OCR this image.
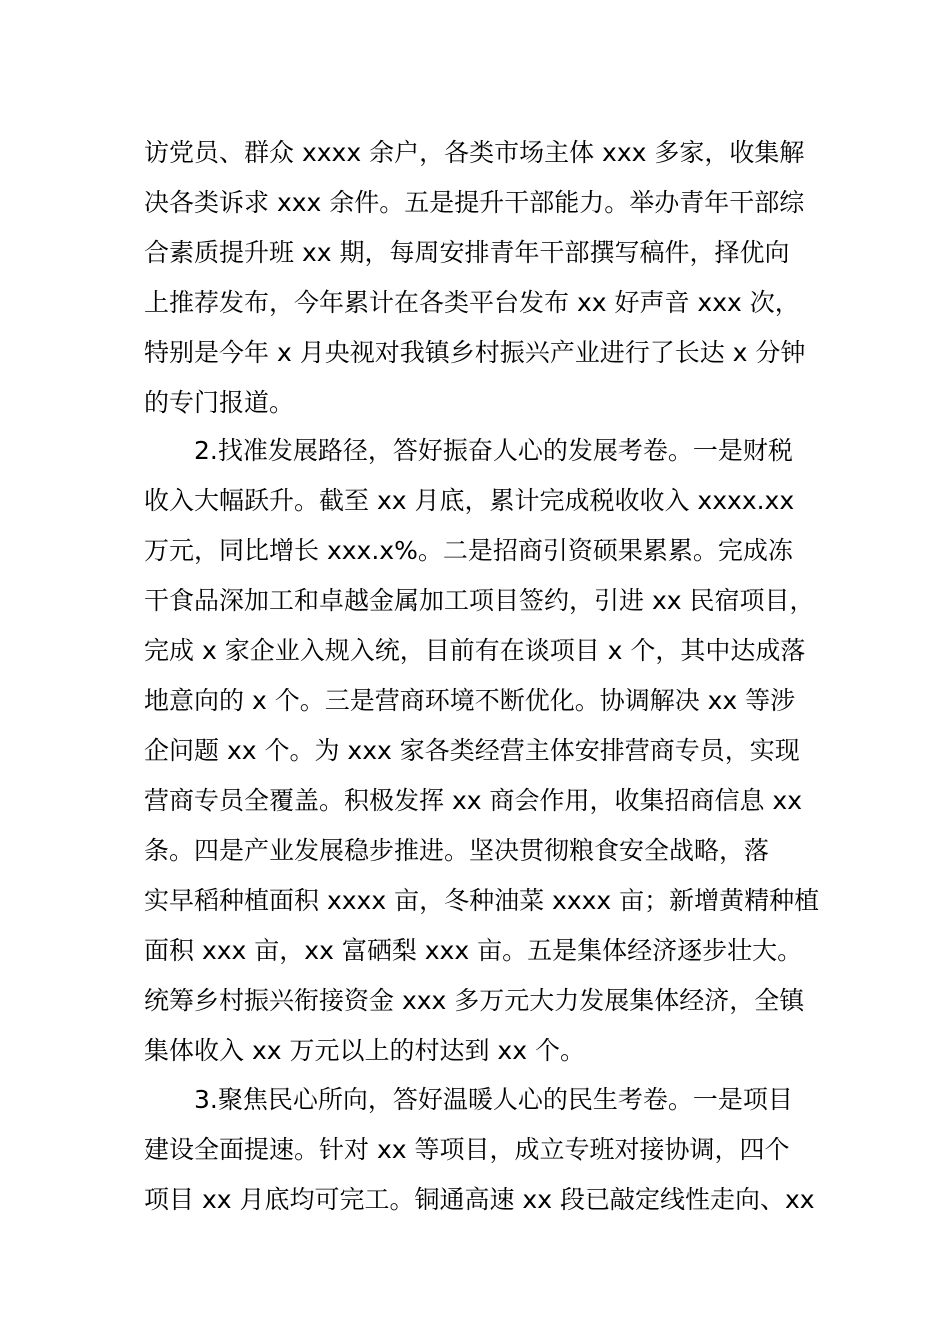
访党员、群众 xxxx 余户，各类市场主体 xxx 多家，收集解
决各类诉求 xxx 余件。五是提升干部能力。举办青年干部综
合素质提升班 xx 期，每周安排青年干部撰写稿件，择优向
上推荐发布，今年累计在各类平台发布 xx 好声音 xxx 次，
特别是今年 x 月央视对我镇乡村振兴产业进行了长达 x 分钟
的专门报道。
2.找准发展路径，答好振奋人心的发展考卷。一是财税
收入大幅跃升。截至 xx 月底，累计完成税收收入 xxxx.xx
万元，同比增长 xxx.x%。二是招商引资硕果累累。完成冻
干食品深加工和卓越金属加工项目签约，引进 xx 民宿项目，
完成 x 家企业入规入统，目前有在谈项目 x 个，其中达成落
地意向的 x 个。三是营商环境不断优化。协调解决 xx 等涉
企问题 xx 个。为 xxx 家各类经营主体安排营商专员，实现
营商专员全覆盖。积极发挥 xx 商会作用，收集招商信息 xx
条。四是产业发展稳步推进。坚决贯彻粮食安全战略，落
实早稻种植面积 xxxx 亩，冬种油菜 xxxx 亩；新增黄精种植
面积 xxx 亩，xx 富硒梨 xxx 亩。五是集体经济逐步壮大。
统筹乡村振兴衔接资金 xxx 多万元大力发展集体经济，全镇
集体收入 xx 万元以上的村达到 xx 个。
3.聚焦民心所向，答好温暖人心的民生考卷。一是项目
建设全面提速。针对 xx 等项目，成立专班对接协调，四个
项目 xx 月底均可完工。铜通高速 xx 段已敲定线性走向、xx
